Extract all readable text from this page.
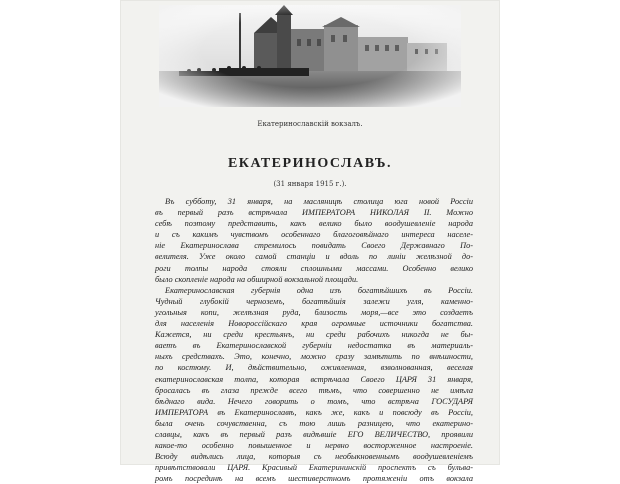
Екатеринославскій вокзалъ.
ЕКАТЕРИНОСЛАВЪ.
(31 января 1915 г.).
Въ субботу, 31 января, на масляницѣ столица юга новой Россіи
въ первый разъ встрѣчала ИМПЕРАТОРА НИКОЛАЯ II. Можно
себѣ поэтому представить, какъ велико было воодушевленіе народа
и съ какимъ чувствомъ особеннаго благоговѣйнаго интереса населе-
ніе Екатеринослава стремилось повидать Своего Державнаго По-
велителя. Уже около самой станціи и вдоль по линіи желѣзной до-
роги толпы народа стояли сплошными массами. Особенно велико
было скопленіе народа на обширной вокзальной площади.
Екатеринославская губернія одна изъ богатѣйшихъ въ Россіи.
Чудный глубокій черноземъ, богатѣйшія залежи угля, каменно-
угольныя копи, желѣзная руда, близость моря,—все это создаетъ
для населенія Новороссійскаго края огромные источники богатства.
Кажется, ни среди крестьянъ, ни среди рабочихъ никогда не бы-
ваетъ въ Екатеринославской губерніи недостатка въ материаль-
ныхъ средствахъ. Это, конечно, можно сразу замѣтить по внѣшности,
по костюму. И, дѣйствительно, оживленная, взволнованная, веселая
екатеринославская толпа, которая встрѣчала Своего ЦАРЯ 31 января,
бросалась въ глаза прежде всего тѣмъ, что совершенно не имѣла
бѣднаго вида. Нечего говорить о томъ, что встрѣча ГОСУДАРЯ
ИМПЕРАТОРА въ Екатеринославѣ, какъ же, какъ и повсюду въ Россіи,
была очень сочувственна, съ тою лишь разницею, что екатерино-
славцы, какъ въ первый разъ видѣвшіе ЕГО ВЕЛИЧЕСТВО, проявили
какое-то особенно повышенное и нервно восторженное настроеніе.
Всюду видѣлись лица, которыя съ необыкновеннымъ воодушевленіемъ
привѣтствовали ЦАРЯ. Красивый Екатерининскій проспектъ съ бульва-
ромъ посрединѣ на всемъ шестиверстномъ протяженіи отъ вокзала
